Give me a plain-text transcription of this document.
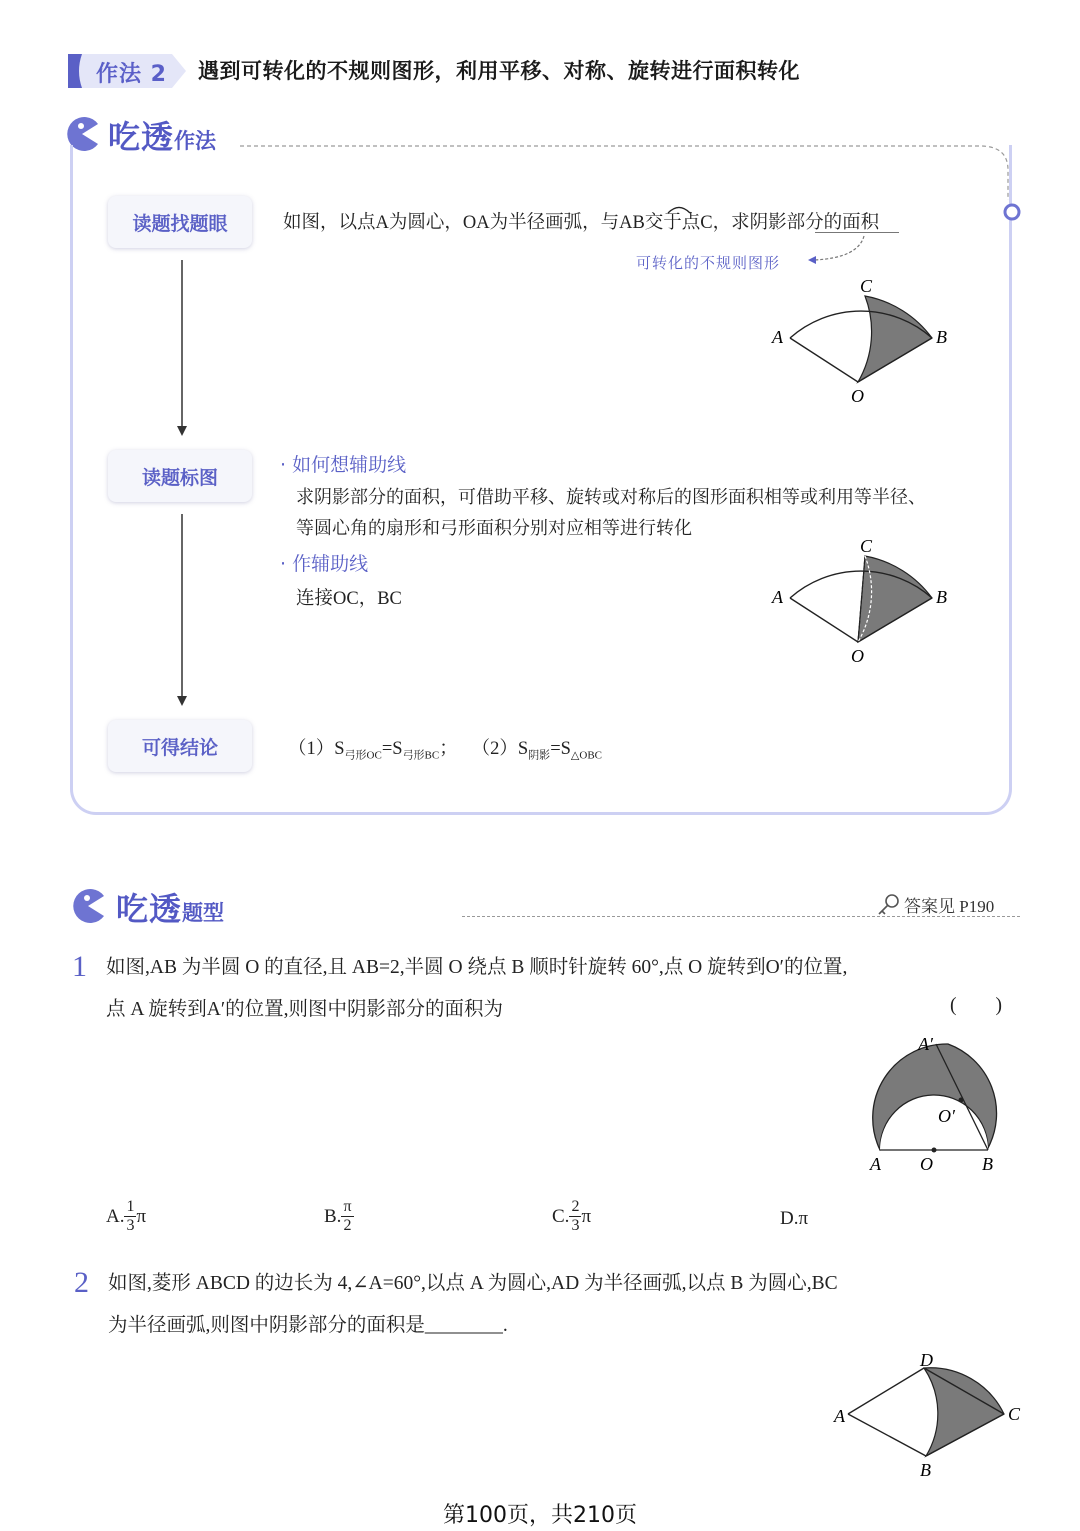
作法 2 遇到可转化的不规则图形，利用平移、对称、旋转进行面积转化
吃透作法
读题找题眼
读题标图
可得结论
如图，以点A为圆心，OA为半径画弧，与AB交于点C，求阴影部分的面积
可转化的不规则图形
A	B
C
O
· 如何想辅助线
求阴影部分的面积，可借助平移、旋转或对称后的图形面积相等或利用等半径、
等圆心角的扇形和弓形面积分别对应相等进行转化
· 作辅助线
连接OC，BC	A	B
C
O
$(1)S_{弓形OC}=S_{弓形BC}$； $(2)S_{阴影}=S_{\triangle OBC}$
吃透题型	答案见 P190
1 如图,AB 为半圆 O 的直径,且 AB=2,半圆 O 绕点 B 顺时针旋转 60°,点 O 旋转到O′的位置,
点 A 旋转到A′的位置,则图中阴影部分的面积为	(　　)
A′
O′
A O	B
A. $\frac{1}{3}$ π	B. $\frac{\pi}{2}$	C. $\frac{2}{3}$ π	D.π
2 如图,菱形 ABCD 的边长为 4,∠A=60°,以点 A 为圆心,AD 为半径画弧,以点 B 为圆心,BC
为半径画弧,则图中阴影部分的面积是________.
D
A	C
B
第100页，共210页
